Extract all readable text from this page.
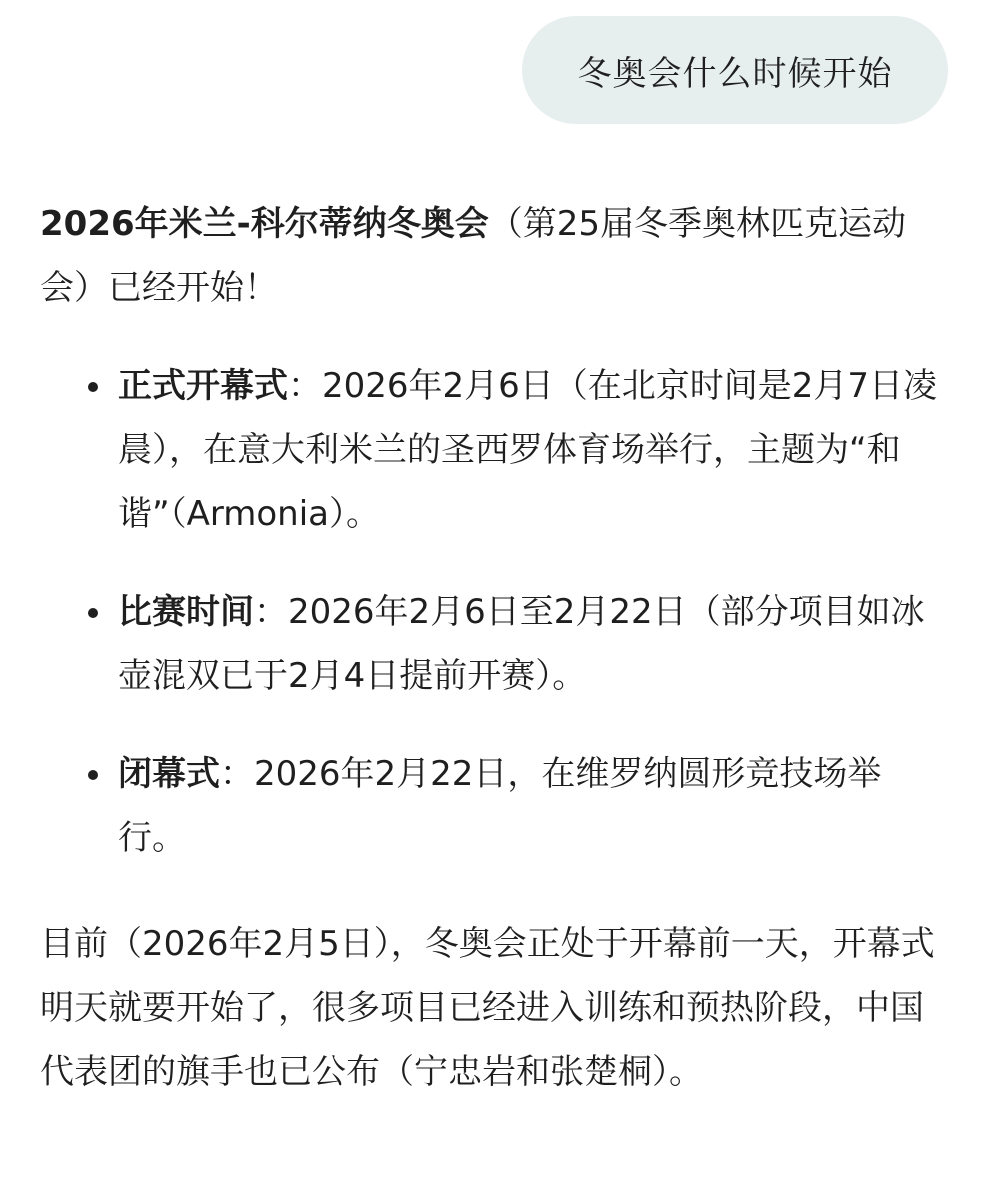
冬奥会什么时候开始

2026年米兰-科尔蒂纳冬奥会（第25届冬季奥林匹克运动会）已经开始！

正式开幕式：2026年2月6日（在北京时间是2月7日凌晨），在意大利米兰的圣西罗体育场举行，主题为“和谐”（Armonia）。
比赛时间：2026年2月6日至2月22日（部分项目如冰壶混双已于2月4日提前开赛）。
闭幕式：2026年2月22日，在维罗纳圆形竞技场举行。

目前（2026年2月5日），冬奥会正处于开幕前一天，开幕式明天就要开始了，很多项目已经进入训练和预热阶段，中国代表团的旗手也已公布（宁忠岩和张楚桐）。
